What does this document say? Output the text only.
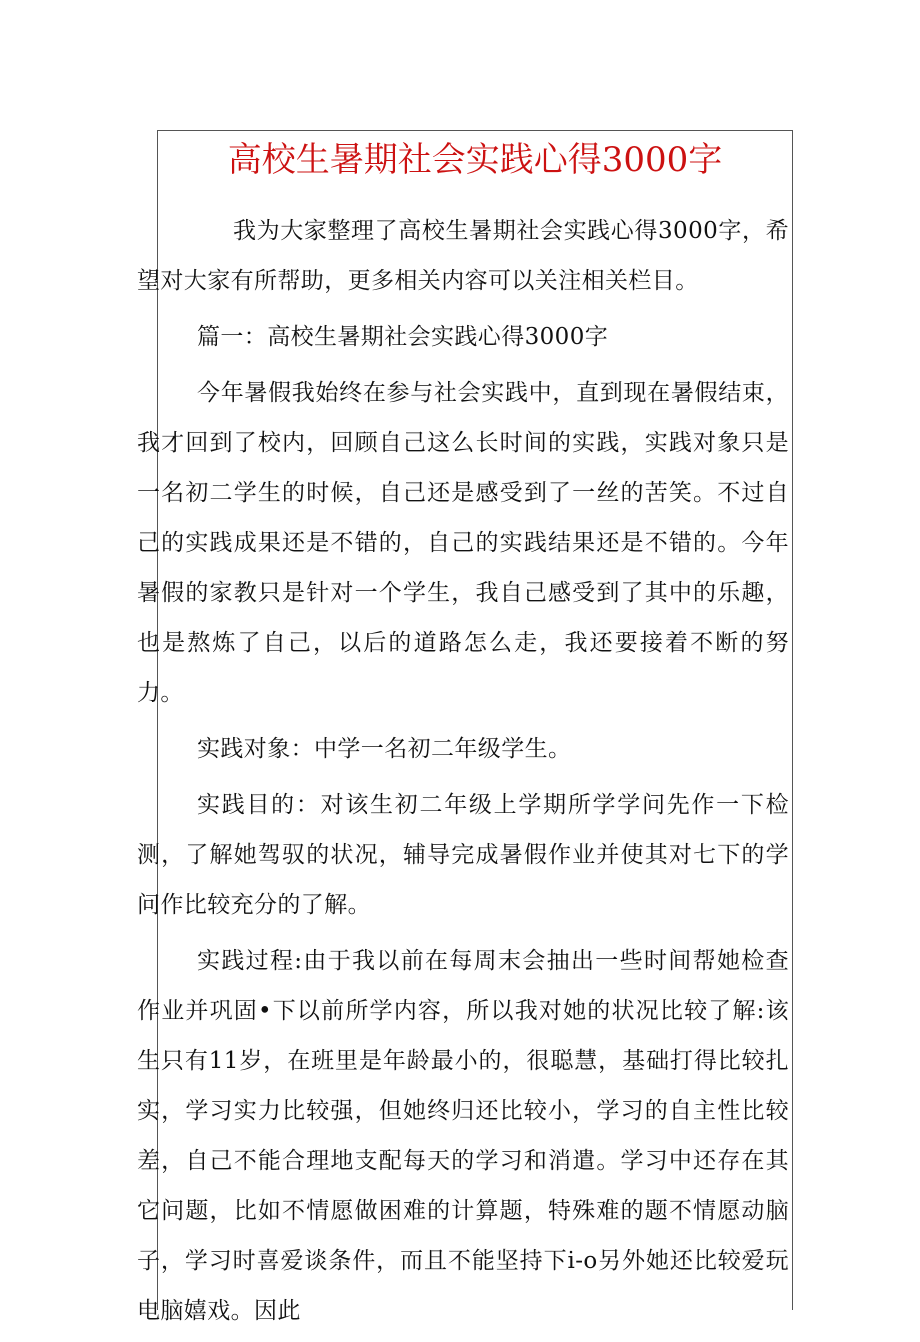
高校生暑期社会实践心得3000字

我为大家整理了高校生暑期社会实践心得3000字，希望对大家有所帮助，更多相关内容可以关注相关栏目。

篇一：高校生暑期社会实践心得3000字

今年暑假我始终在参与社会实践中，直到现在暑假结束，我才回到了校内，回顾自己这么长时间的实践，实践对象只是一名初二学生的时候，自己还是感受到了一丝的苦笑。不过自己的实践成果还是不错的，自己的实践结果还是不错的。今年暑假的家教只是针对一个学生，我自己感受到了其中的乐趣，也是熬炼了自己，以后的道路怎么走，我还要接着不断的努力。

实践对象：中学一名初二年级学生。

实践目的：对该生初二年级上学期所学学问先作一下检测，了解她驾驭的状况，辅导完成暑假作业并使其对七下的学问作比较充分的了解。

实践过程:由于我以前在每周末会抽出一些时间帮她检查作业并巩固•下以前所学内容，所以我对她的状况比较了解:该生只有11岁，在班里是年龄最小的，很聪慧，基础打得比较扎实，学习实力比较强，但她终归还比较小，学习的自主性比较差，自己不能合理地支配每天的学习和消遣。学习中还存在其它问题，比如不情愿做困难的计算题，特殊难的题不情愿动脑子，学习时喜爱谈条件，而且不能坚持下i-o另外她还比较爱玩电脑嬉戏。因此
